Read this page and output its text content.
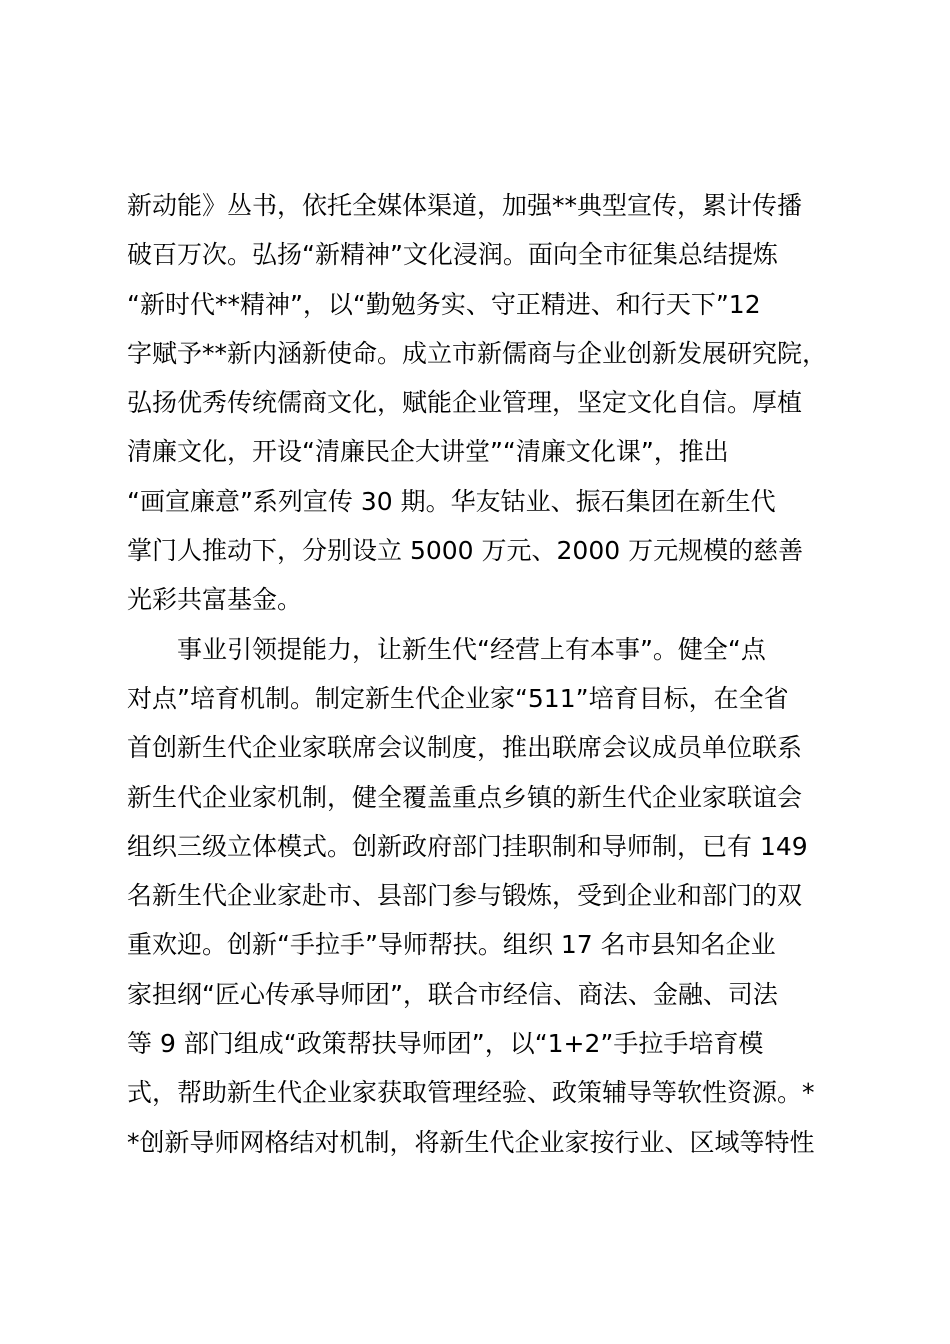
新动能》丛书，依托全媒体渠道，加强**典型宣传，累计传播
破百万次。弘扬“新精神”文化浸润。面向全市征集总结提炼
“新时代**精神”，以“勤勉务实、守正精进、和行天下”12
字赋予**新内涵新使命。成立市新儒商与企业创新发展研究院，
弘扬优秀传统儒商文化，赋能企业管理，坚定文化自信。厚植
清廉文化，开设“清廉民企大讲堂”“清廉文化课”，推出
“画宣廉意”系列宣传 30 期。华友钴业、振石集团在新生代
掌门人推动下，分别设立 5000 万元、2000 万元规模的慈善
光彩共富基金。
事业引领提能力，让新生代“经营上有本事”。健全“点
对点”培育机制。制定新生代企业家“511”培育目标，在全省
首创新生代企业家联席会议制度，推出联席会议成员单位联系
新生代企业家机制，健全覆盖重点乡镇的新生代企业家联谊会
组织三级立体模式。创新政府部门挂职制和导师制，已有 149
名新生代企业家赴市、县部门参与锻炼，受到企业和部门的双
重欢迎。创新“手拉手”导师帮扶。组织 17 名市县知名企业
家担纲“匠心传承导师团”，联合市经信、商法、金融、司法
等 9 部门组成“政策帮扶导师团”，以“1+2”手拉手培育模
式，帮助新生代企业家获取管理经验、政策辅导等软性资源。*
*创新导师网格结对机制，将新生代企业家按行业、区域等特性
